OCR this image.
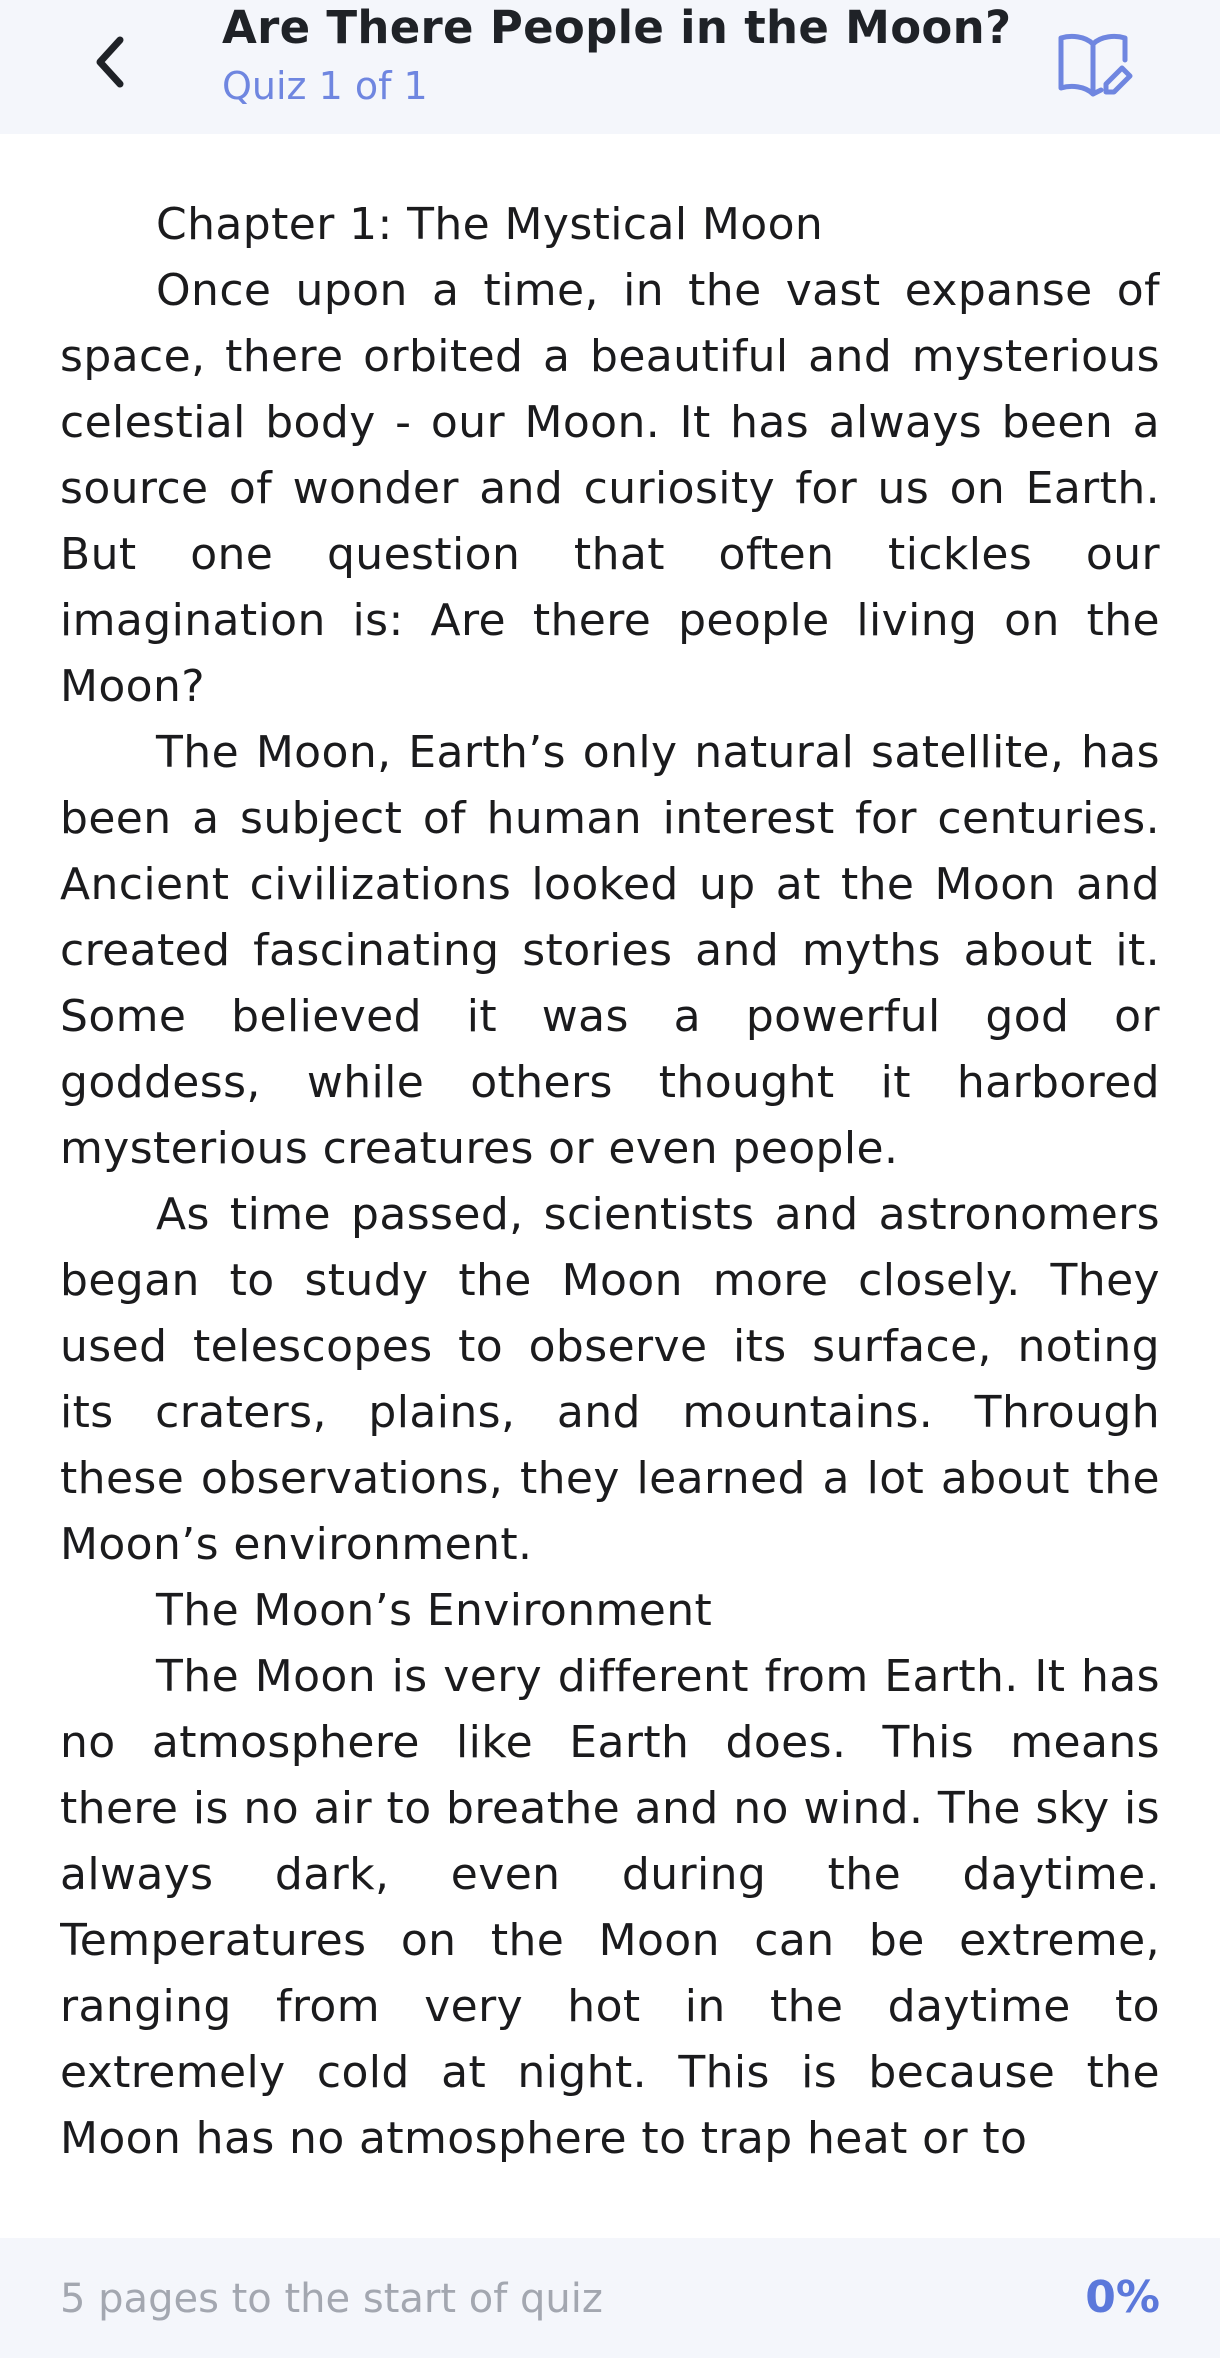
Are There People in the Moon?
Quiz 1 of 1

Chapter 1: The Mystical Moon

Once upon a time, in the vast expanse of space, there orbited a beautiful and mysterious celestial body - our Moon. It has always been a source of wonder and curiosity for us on Earth. But one question that often tickles our imagination is: Are there people living on the Moon?

The Moon, Earth’s only natural satellite, has been a subject of human interest for centuries. Ancient civilizations looked up at the Moon and created fascinating stories and myths about it. Some believed it was a powerful god or goddess, while others thought it harbored mysterious creatures or even people.

As time passed, scientists and astronomers began to study the Moon more closely. They used telescopes to observe its surface, noting its craters, plains, and mountains. Through these observations, they learned a lot about the Moon’s environment.

The Moon’s Environment

The Moon is very different from Earth. It has no atmosphere like Earth does. This means there is no air to breathe and no wind. The sky is always dark, even during the daytime. Temperatures on the Moon can be extreme, ranging from very hot in the daytime to extremely cold at night. This is because the Moon has no atmosphere to trap heat or to

5 pages to the start of quiz	0%
